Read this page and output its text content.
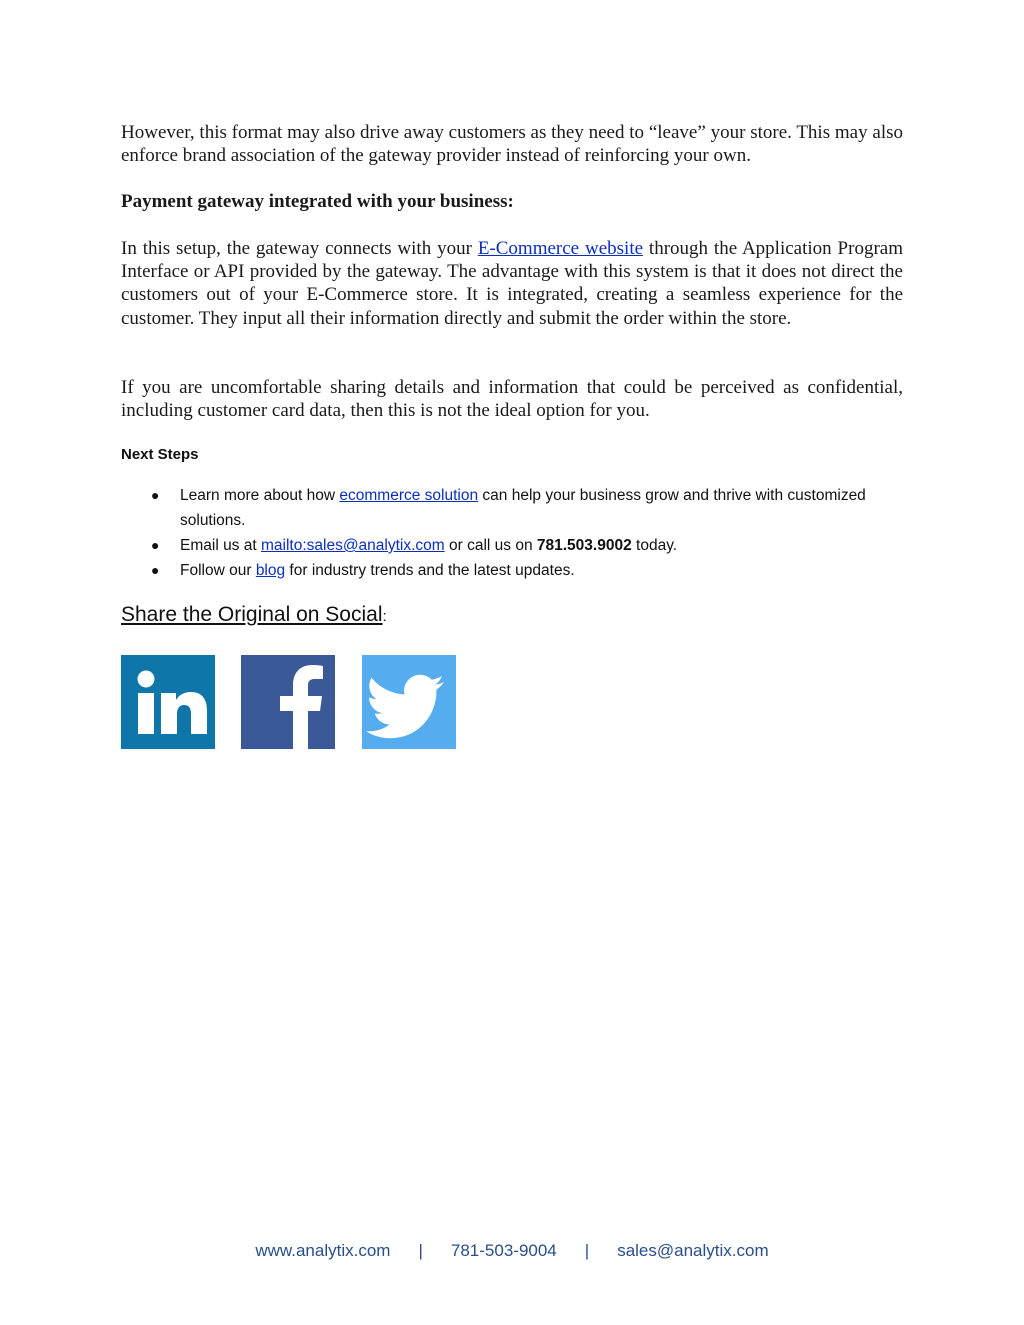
However, this format may also drive away customers as they need to “leave” your store. This may also enforce brand association of the gateway provider instead of reinforcing your own.

Payment gateway integrated with your business:

In this setup, the gateway connects with your E-Commerce website through the Application Program Interface or API provided by the gateway. The advantage with this system is that it does not direct the customers out of your E-Commerce store. It is integrated, creating a seamless experience for the customer. They input all their information directly and submit the order within the store.

If you are uncomfortable sharing details and information that could be perceived as confidential, including customer card data, then this is not the ideal option for you.

Next Steps

● Learn more about how ecommerce solution can help your business grow and thrive with customized solutions.
● Email us at mailto:sales@analytix.com or call us on 781.503.9002 today.
● Follow our blog for industry trends and the latest updates.

Share the Original on Social:

www.analytix.com | 781-503-9004 | sales@analytix.com
